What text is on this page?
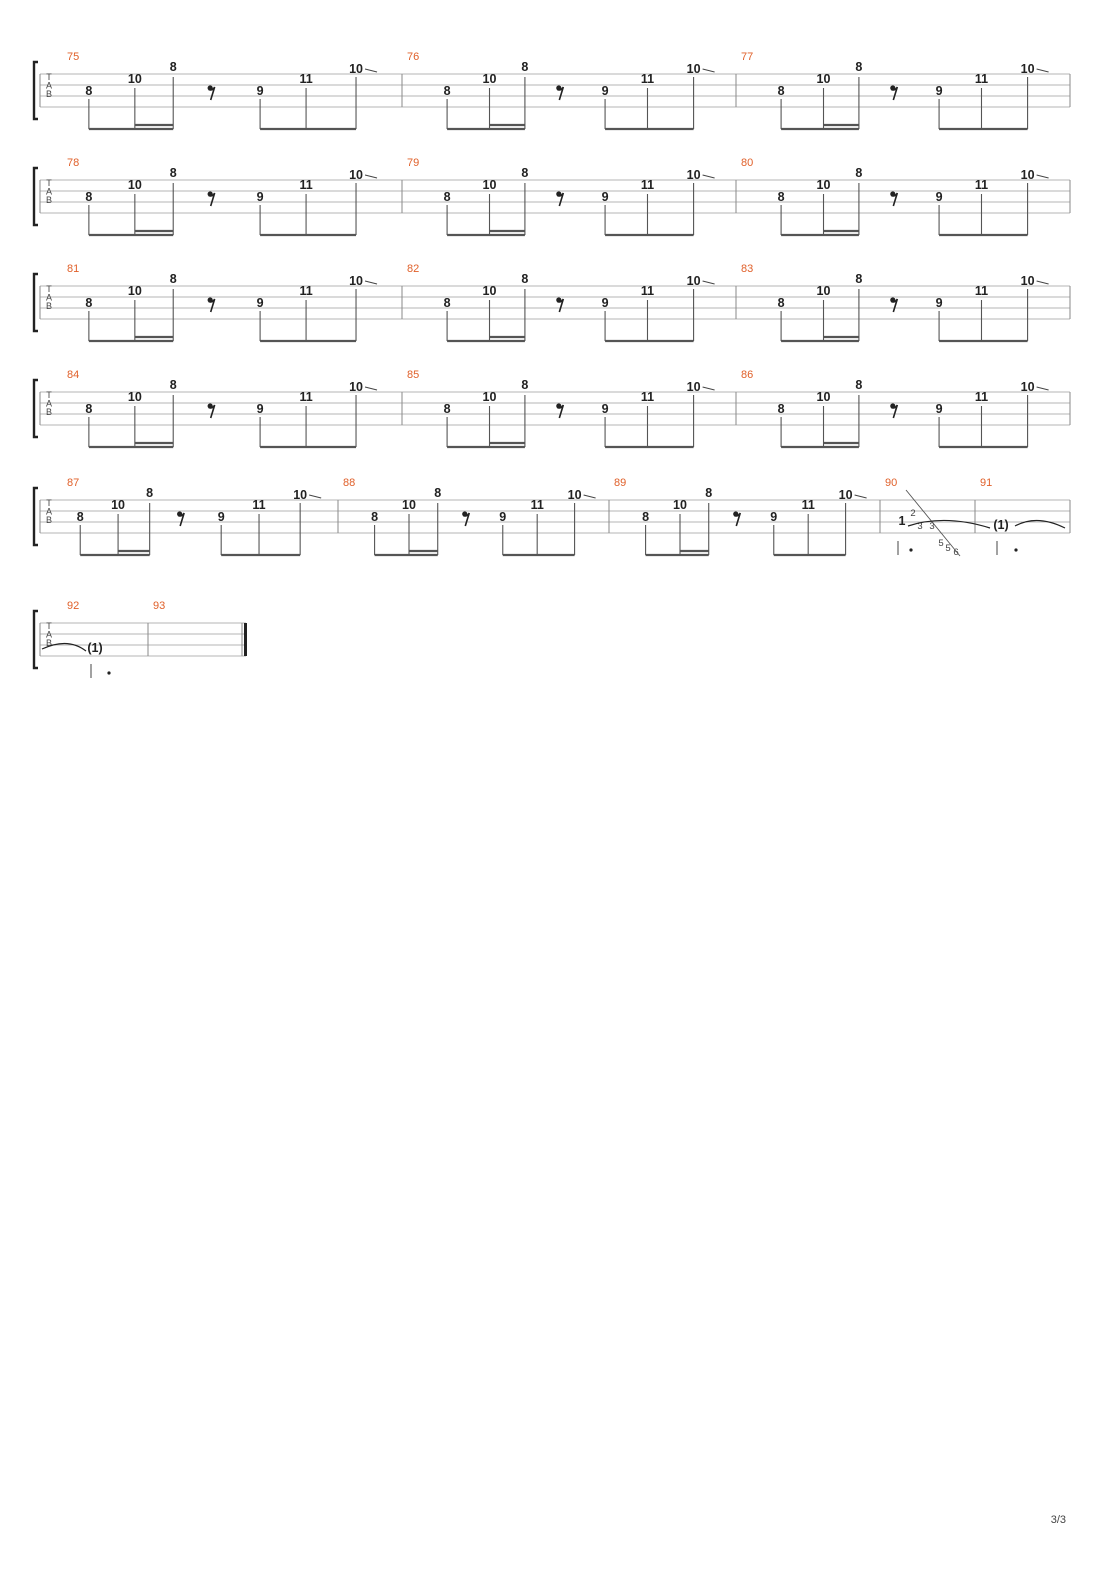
T
A
B
75	76	77
8
10
8
9
11
10
8
10
8
9
11
10
8
10
8
9
11
10
T
A
B
78	79	80
8
10
8
9
11
10
8
10
8
9
11
10
8
10
8
9
11
10
T
A
B
81	82	83
8
10
8
9
11
10
8
10
8
9
11
10
8
10
8
9
11
10
T
A
B
84	85	86
8
10
8
9
11
10
8
10
8
9
11
10
8
10
8
9
11
10
T
A
B
87	88	89	90	91
8
10
8
9
11
10
8
10
8
9
11
10
8
10
8
9
11
10
1
2
3 3
5 5 6
(1)
T
A
B
92	93
(1)
3/3
